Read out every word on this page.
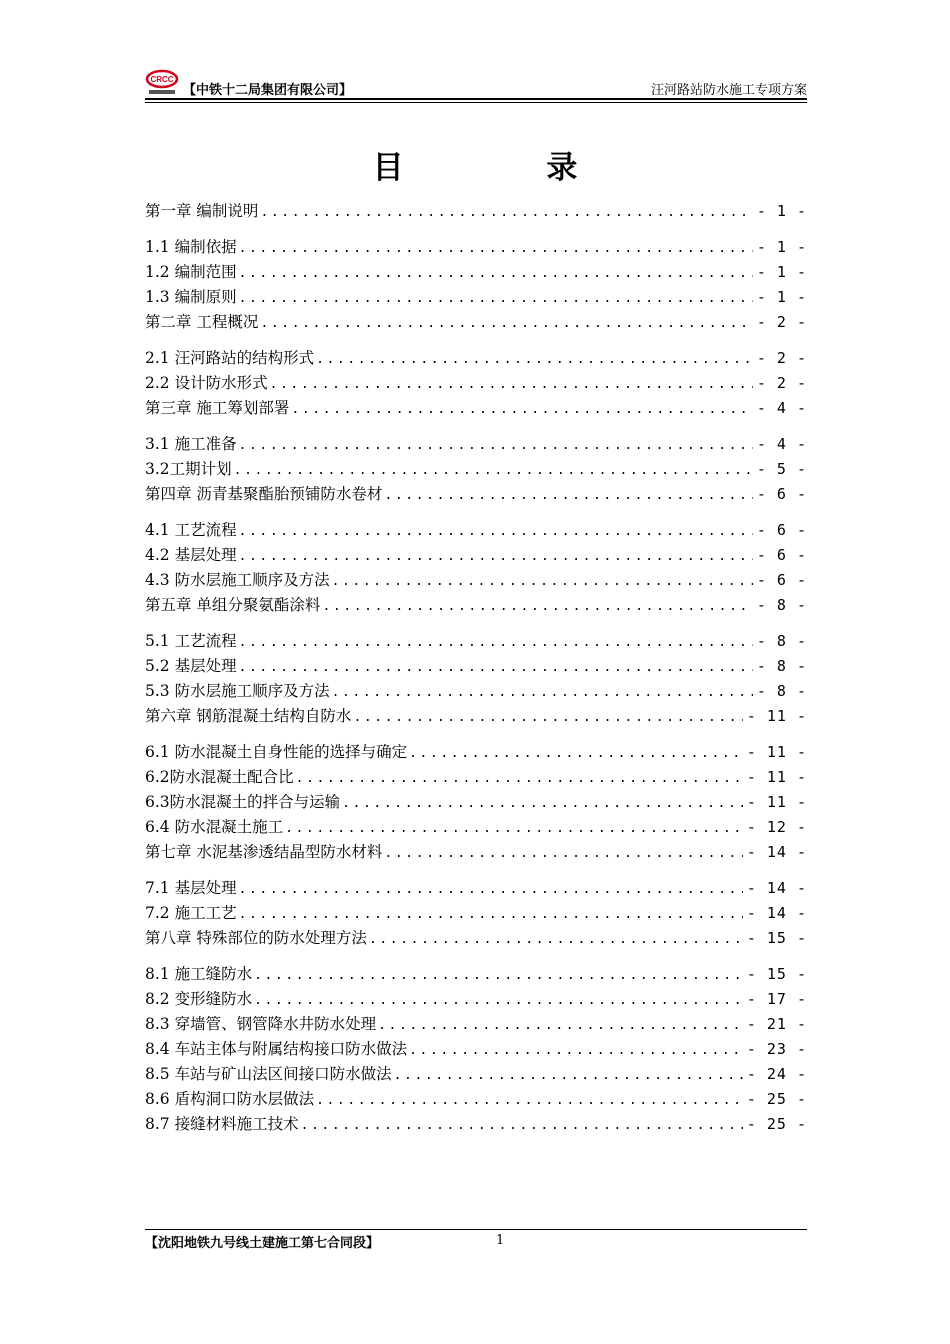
CRCC
【中铁十二局集团有限公司】	汪河路站防水施工专项方案
目 录
第一章 编制说明 .....	- 1 -
1.1 编制依据 .....	- 1 -
1.2 编制范围 .....	- 1 -
1.3 编制原则 .....	- 1 -
第二章 工程概况 .....	- 2 -
2.1 汪河路站的结构形式 .....	- 2 -
2.2 设计防水形式 .....	- 2 -
第三章 施工筹划部署 .....	- 4 -
3.1 施工准备 .....	- 4 -
3.2工期计划 .....	- 5 -
第四章 沥青基聚酯胎预铺防水卷材 .....	- 6 -
4.1 工艺流程 .....	- 6 -
4.2 基层处理 .....	- 6 -
4.3 防水层施工顺序及方法 .....	- 6 -
第五章 单组分聚氨酯涂料 .....	- 8 -
5.1 工艺流程 .....	- 8 -
5.2 基层处理 .....	- 8 -
5.3 防水层施工顺序及方法 .....	- 8 -
第六章 钢筋混凝土结构自防水 .....	- 11 -
6.1 防水混凝土自身性能的选择与确定 .....	- 11 -
6.2防水混凝土配合比 .....	- 11 -
6.3防水混凝土的拌合与运输 .....	- 11 -
6.4 防水混凝土施工 .....	- 12 -
第七章 水泥基渗透结晶型防水材料 .....	- 14 -
7.1 基层处理 .....	- 14 -
7.2 施工工艺 .....	- 14 -
第八章 特殊部位的防水处理方法 .....	- 15 -
8.1 施工缝防水 .....	- 15 -
8.2 变形缝防水 .....	- 17 -
8.3 穿墙管、钢管降水井防水处理 .....	- 21 -
8.4 车站主体与附属结构接口防水做法 .....	- 23 -
8.5 车站与矿山法区间接口防水做法 .....	- 24 -
8.6 盾构洞口防水层做法 .....	- 25 -
8.7 接缝材料施工技术 .....	- 25 -
【沈阳地铁九号线土建施工第七合同段】	1
